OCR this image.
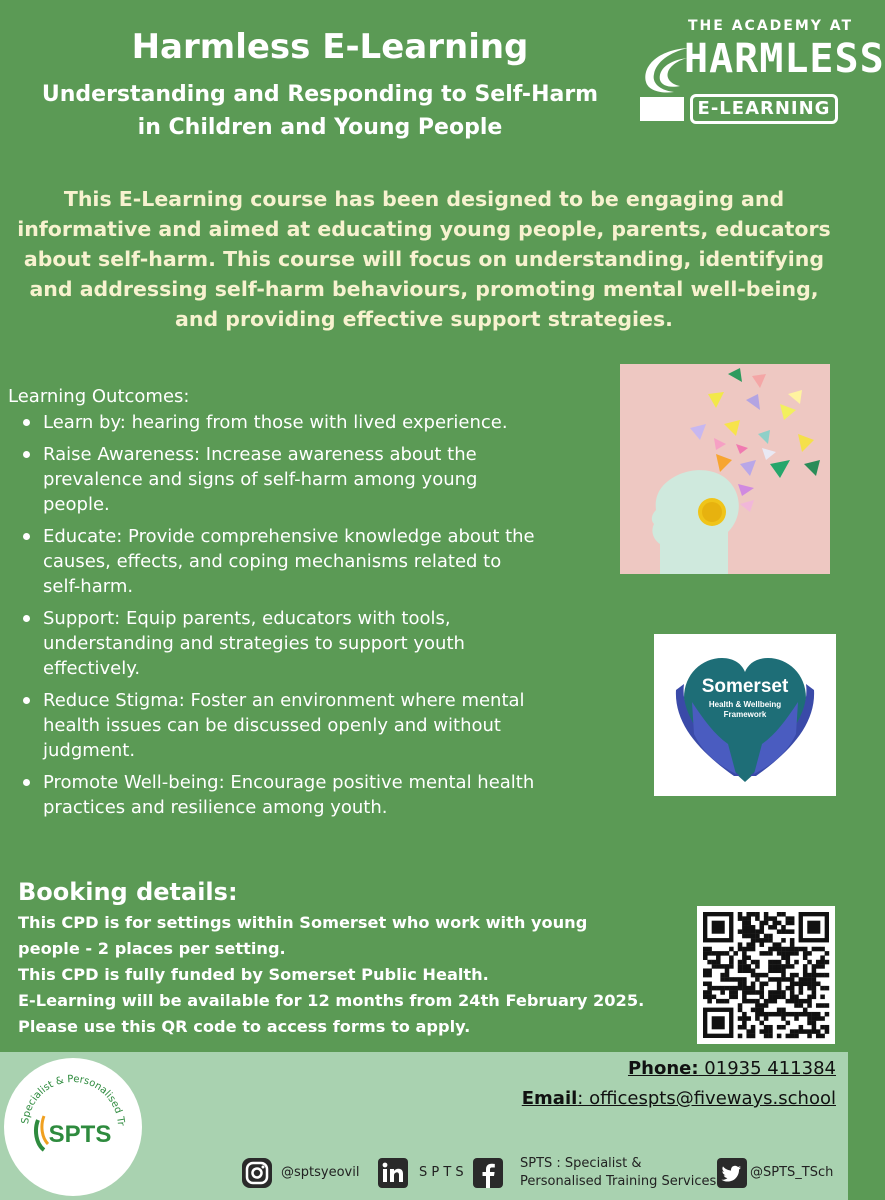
Harmless E-Learning
Understanding and Responding to Self-Harm
in Children and Young People
THE ACADEMY AT
HARMLESS
E-LEARNING
This E-Learning course has been designed to be engaging and
informative and aimed at educating young people, parents, educators
about self-harm. This course will focus on understanding, identifying
and addressing self-harm behaviours, promoting mental well-being,
and providing effective support strategies.
Learning Outcomes:
Learn by: hearing from those with lived experience.
Raise Awareness: Increase awareness about the
prevalence and signs of self-harm among young
people.
Educate: Provide comprehensive knowledge about the
causes, effects, and coping mechanisms related to
self-harm.
Support: Equip parents, educators with tools,
understanding and strategies to support youth
effectively.
Reduce Stigma: Foster an environment where mental
health issues can be discussed openly and without
judgment.
Promote Well-being: Encourage positive mental health
practices and resilience among youth.
Somerset
Health & Wellbeing
Framework
Booking details:
This CPD is for settings within Somerset who work with young
people - 2 places per setting.
This CPD is fully funded by Somerset Public Health.
E-Learning will be available for 12 months from 24th February 2025.
Please use this QR code to access forms to apply.
Specialist & Personalised Tr
SPTS
Phone: 01935 411384
Email: officespts@fiveways.school
@sptsyeovil	S P T S
SPTS : Specialist &
Personalised Training Services
@SPTS_TSch
